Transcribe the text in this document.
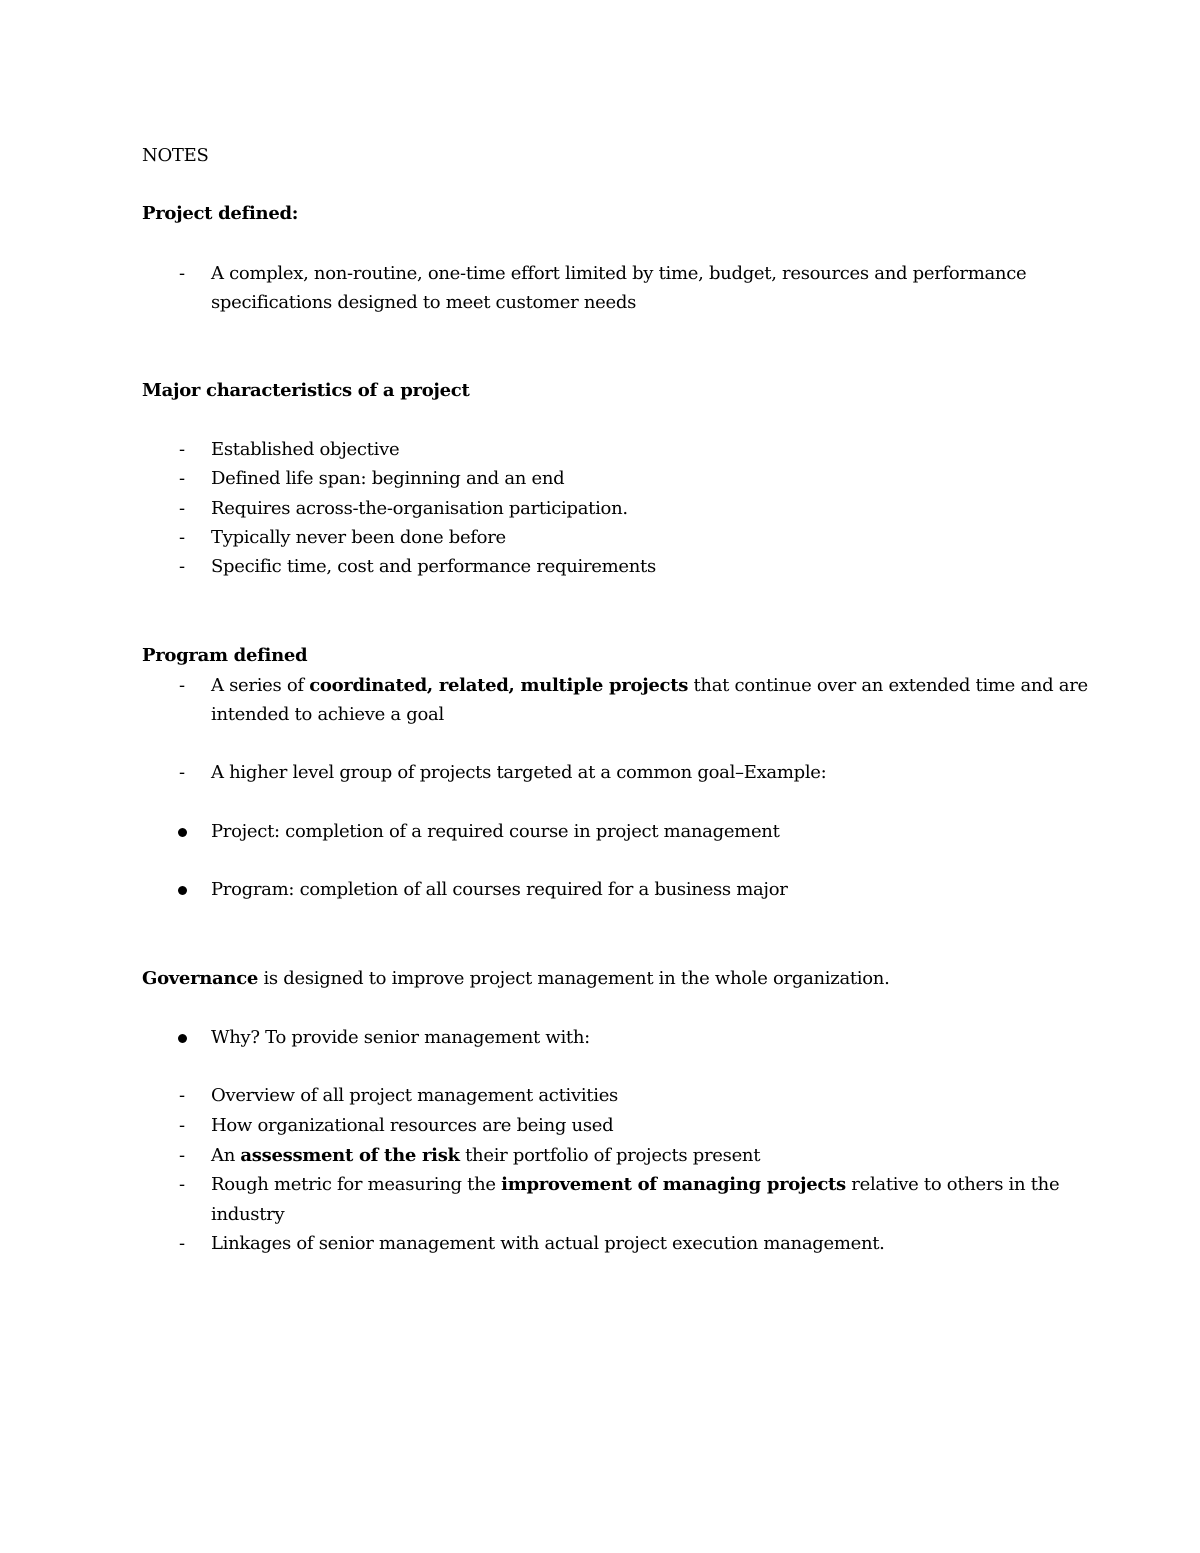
NOTES
Project defined:
- A complex, non-routine, one-time effort limited by time, budget, resources and performance
specifications designed to meet customer needs
Major characteristics of a project
- Established objective
- Defined life span: beginning and an end
- Requires across-the-organisation participation.
- Typically never been done before
- Specific time, cost and performance requirements
Program defined
- A series of coordinated, related, multiple projects that continue over an extended time and are
intended to achieve a goal
- A higher level group of projects targeted at a common goal–Example:
Project: completion of a required course in project management
Program: completion of all courses required for a business major
Governance is designed to improve project management in the whole organization.
Why? To provide senior management with:
- Overview of all project management activities
- How organizational resources are being used
- An assessment of the risk their portfolio of projects present
- Rough metric for measuring the improvement of managing projects relative to others in the
industry
- Linkages of senior management with actual project execution management.
